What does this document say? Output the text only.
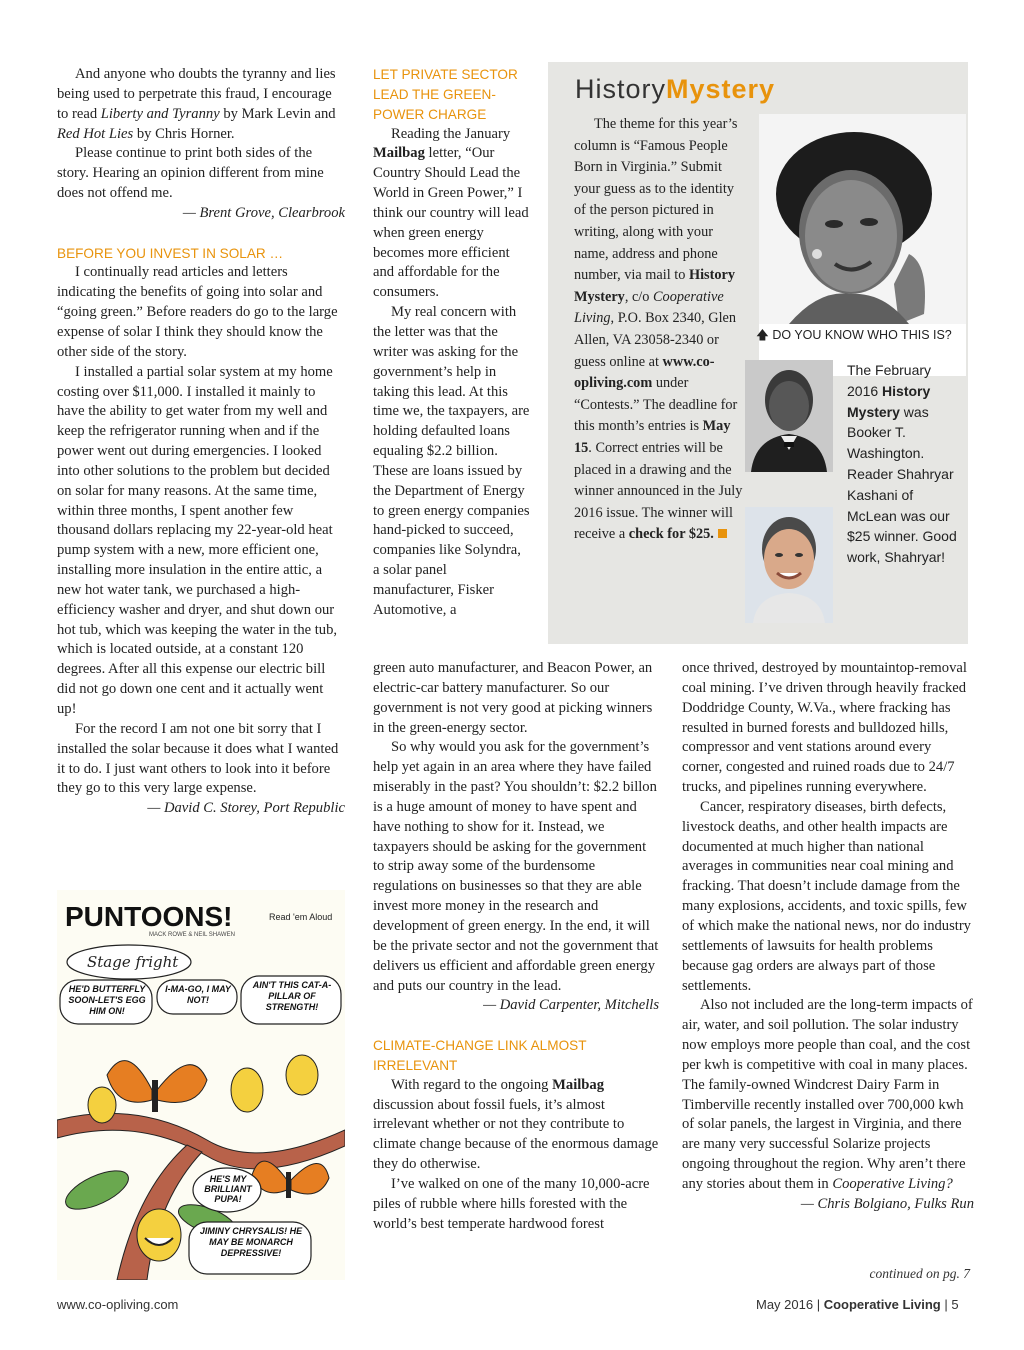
And anyone who doubts the tyranny and lies being used to perpetrate this fraud, I encourage to read Liberty and Tyranny by Mark Levin and Red Hot Lies by Chris Horner.

Please continue to print both sides of the story. Hearing an opinion different from mine does not offend me.

— Brent Grove, Clearbrook
BEFORE YOU INVEST IN SOLAR …

I continually read articles and letters indicating the benefits of going into solar and “going green.” Before readers do go to the large expense of solar I think they should know the other side of the story.

I installed a partial solar system at my home costing over $11,000. I installed it mainly to have the ability to get water from my well and keep the refrigerator running when and if the power went out during emergencies. I looked into other solutions to the problem but decided on solar for many reasons. At the same time, within three months, I spent another few thousand dollars replacing my 22-year-old heat pump system with a new, more efficient one, installing more insulation in the entire attic, a new hot water tank, we purchased a high-efficiency washer and dryer, and shut down our hot tub, which was keeping the water in the tub, which is located outside, at a constant 120 degrees. After all this expense our electric bill did not go down one cent and it actually went up!

For the record I am not one bit sorry that I installed the solar because it does what I wanted it to do. I just want others to look into it before they go to this very large expense.

— David C. Storey, Port Republic
LET PRIVATE SECTOR LEAD THE GREEN-POWER CHARGE

Reading the January Mailbag letter, “Our Country Should Lead the World in Green Power,” I think our country will lead when green energy becomes more efficient and affordable for the consumers.

My real concern with the letter was that the writer was asking for the government’s help in taking this lead. At this time we, the taxpayers, are holding defaulted loans equaling $2.2 billion. These are loans issued by the Department of Energy to green energy companies hand-picked to succeed, companies like Solyndra, a solar panel manufacturer, Fisker Automotive, a

green auto manufacturer, and Beacon Power, an electric-car battery manufacturer. So our government is not very good at picking winners in the green-energy sector.

So why would you ask for the government’s help yet again in an area where they have failed miserably in the past? You shouldn’t: $2.2 billon is a huge amount of money to have spent and have nothing to show for it. Instead, we taxpayers should be asking for the government to strip away some of the burdensome regulations on businesses so that they are able invest more money in the research and development of green energy. In the end, it will be the private sector and not the government that delivers us efficient and affordable green energy and puts our country in the lead.

— David Carpenter, Mitchells
CLIMATE-CHANGE LINK ALMOST IRRELEVANT

With regard to the ongoing Mailbag discussion about fossil fuels, it’s almost irrelevant whether or not they contribute to climate change because of the enormous damage they do otherwise.

I’ve walked on one of the many 10,000-acre piles of rubble where hills forested with the world’s best temperate hardwood forest

once thrived, destroyed by mountaintop-removal coal mining. I’ve driven through heavily fracked Doddridge County, W.Va., where fracking has resulted in burned forests and bulldozed hills, compressor and vent stations around every corner, congested and ruined roads due to 24/7 trucks, and pipelines running everywhere.

Cancer, respiratory diseases, birth defects, livestock deaths, and other health impacts are documented at much higher than national averages in communities near coal mining and fracking. That doesn’t include damage from the many explosions, accidents, and toxic spills, few of which make the national news, nor do industry settlements of lawsuits for health problems because gag orders are always part of those settlements.

Also not included are the long-term impacts of air, water, and soil pollution. The solar industry now employs more people than coal, and the cost per kwh is competitive with coal in many places. The family-owned Windcrest Dairy Farm in Timberville recently installed over 700,000 kwh of solar panels, the largest in Virginia, and there are many very successful Solarize projects ongoing throughout the region. Why aren’t there any stories about them in Cooperative Living?

— Chris Bolgiano, Fulks Run
continued on pg. 7
HistoryMystery

The theme for this year’s column is “Famous People Born in Virginia.” Submit your guess as to the identity of the person pictured in writing, along with your name, address and phone number, via mail to History Mystery, c/o Cooperative Living, P.O. Box 2340, Glen Allen, VA 23058-2340 or guess online at www.co-opliving.com under “Contests.” The deadline for this month’s entries is May 15. Correct entries will be placed in a drawing and the winner announced in the July 2016 issue. The winner will receive a check for $25.

🡅 DO YOU KNOW WHO THIS IS?
The February 2016 History Mystery was Booker T. Washington. Reader Shahryar Kashani of McLean was our $25 winner. Good work, Shahryar!
PUNTOONS!	Read 'em Aloud
MACK ROWE & NEIL SHAWEN
Stage fright
HE'D BUTTERFLY SOON-LET'S EGG HIM ON!
I-MA-GO, I MAY NOT!
AIN'T THIS CAT-A-PILLAR OF STRENGTH!
HE'S MY BRILLIANT PUPA!
JIMINY CHRYSALIS! HE MAY BE MONARCH DEPRESSIVE!
www.co-opliving.com	May 2016 | Cooperative Living | 5
